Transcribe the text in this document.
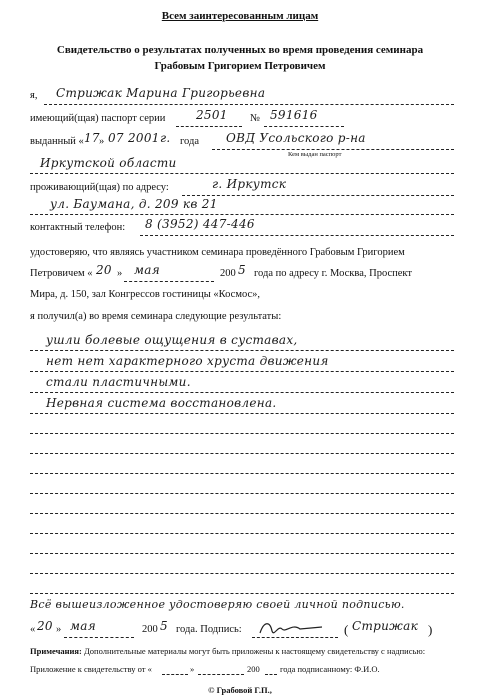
Всем заинтересованным лицам
Свидетельство о результатах полученных во время проведения семинара
Грабовым Григорием Петровичем
я, Стрижак Марина Григорьевна
имеющий(щая) паспорт серии	2501 № 591616
выданный « 17 » 07 2001 г. года ОВД Усольского р-на
Кем выдан паспорт
Иркутской области
проживающий(щая) по адресу:	г. Иркутск
ул. Баумана, д. 209 кв 21
контактный телефон: 8 (3952) 447-446
удостоверяю, что являясь участником семинара проведённого Грабовым Григорием
Петровичем « 20 » мая	200 5 года по адресу г. Москва, Проспект
Мира, д. 150, зал Конгрессов гостиницы «Космос»,
я получил(а) во время семинара следующие результаты:
ушли болевые ощущения в суставах,
нет нет характерного хруста движения
стали пластичными.
Нервная система восстановлена.
Всё вышеизложенное удостоверяю своей личной подписью.
« 20 » мая	200 5 года. Подпись:	( Стрижак )
Примечания: Дополнительные материалы могут быть приложены к настоящему свидетельству с надписью:
Приложение к свидетельству от «	»	200 года подписанному: Ф.И.О.
© Грабовой Г.П.,
